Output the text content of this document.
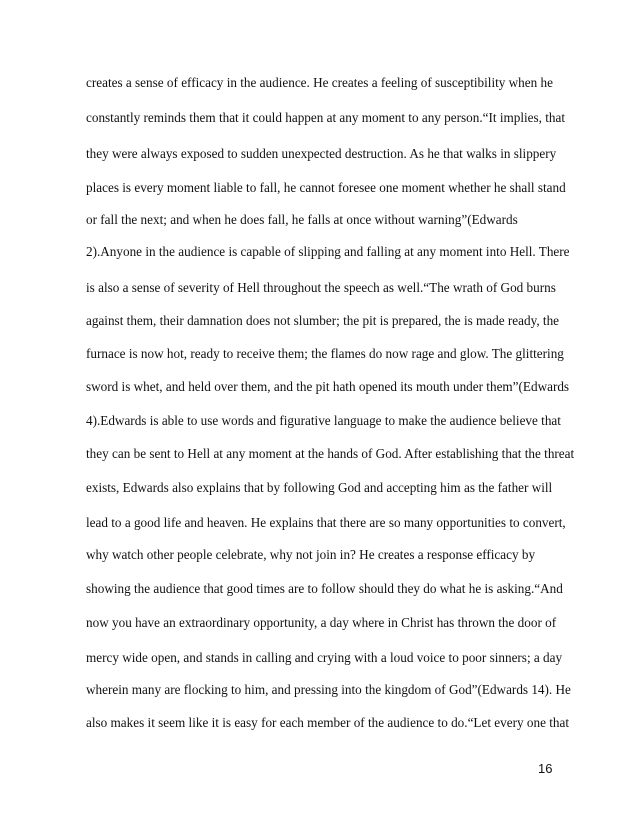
creates a sense of efficacy in the audience. He creates a feeling of susceptibility when he
constantly reminds them that it could happen at any moment to any person.“It implies, that
they were always exposed to sudden unexpected destruction. As he that walks in slippery
places is every moment liable to fall, he cannot foresee one moment whether he shall stand
or fall the next; and when he does fall, he falls at once without warning”(Edwards
2).Anyone in the audience is capable of slipping and falling at any moment into Hell. There
is also a sense of severity of Hell throughout the speech as well.“The wrath of God burns
against them, their damnation does not slumber; the pit is prepared, the is made ready, the
furnace is now hot, ready to receive them; the flames do now rage and glow. The glittering
sword is whet, and held over them, and the pit hath opened its mouth under them”(Edwards
4).Edwards is able to use words and figurative language to make the audience believe that
they can be sent to Hell at any moment at the hands of God. After establishing that the threat
exists, Edwards also explains that by following God and accepting him as the father will
lead to a good life and heaven. He explains that there are so many opportunities to convert,
why watch other people celebrate, why not join in? He creates a response efficacy by
showing the audience that good times are to follow should they do what he is asking.“And
now you have an extraordinary opportunity, a day where in Christ has thrown the door of
mercy wide open, and stands in calling and crying with a loud voice to poor sinners; a day
wherein many are flocking to him, and pressing into the kingdom of God”(Edwards 14). He
also makes it seem like it is easy for each member of the audience to do.“Let every one that
16
